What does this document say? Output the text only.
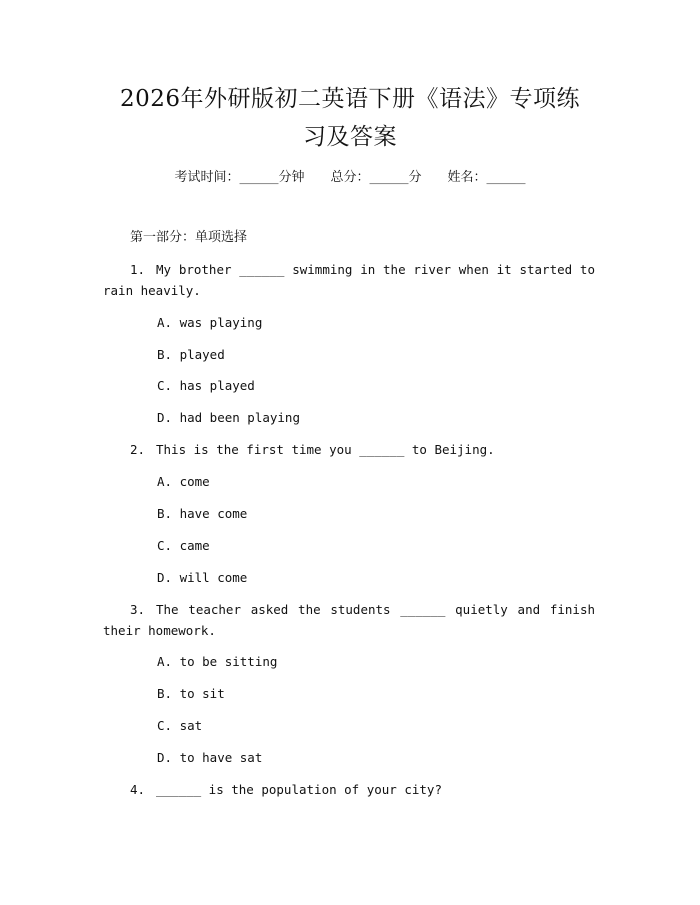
2026年外研版初二英语下册《语法》专项练
习及答案
考试时间：______分钟 总分：______分 姓名：______
第一部分：单项选择
1. My brother ______ swimming in the river when it started to rain heavily.
A. was playing
B. played
C. has played
D. had been playing
2. This is the first time you ______ to Beijing.
A. come
B. have come
C. came
D. will come
3. The teacher asked the students ______ quietly and finish their homework.
A. to be sitting
B. to sit
C. sat
D. to have sat
4. ______ is the population of your city?
